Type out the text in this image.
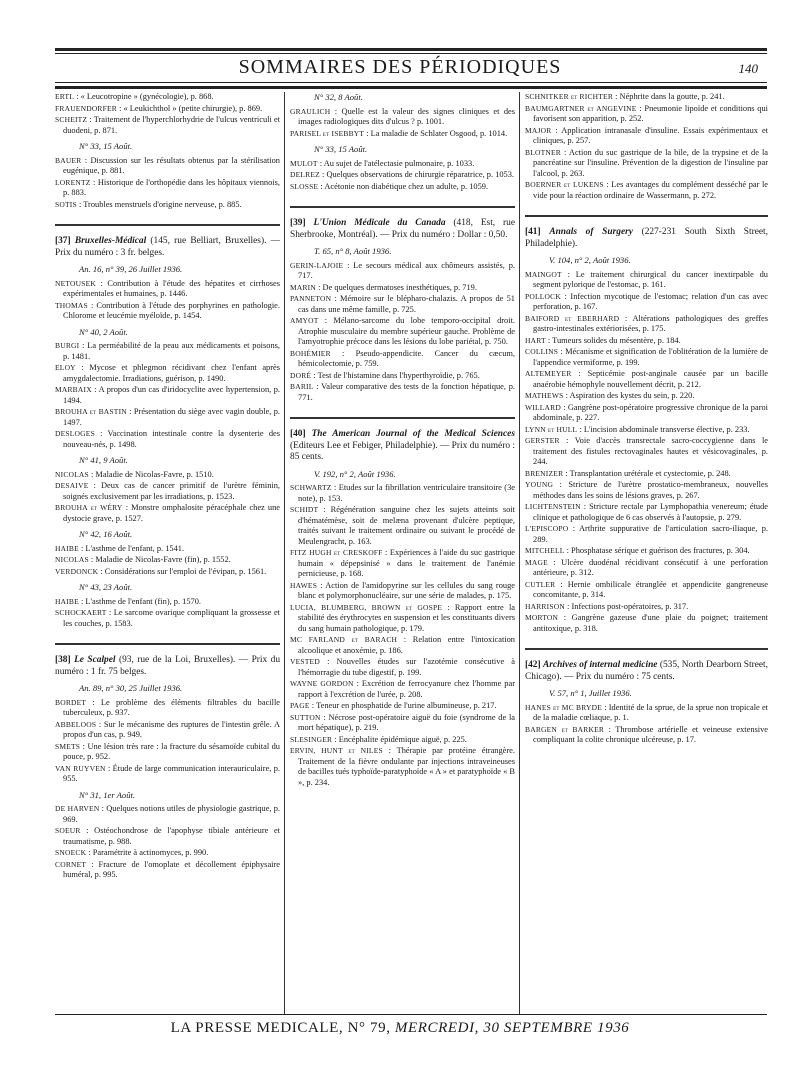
SOMMAIRES DES PÉRIODIQUES	140
ERTL : « Leucotropine » (gynécologie), p. 868.
FRAUENDORFER : « Leukichthol » (petite chirurgie), p. 869.
SCHEITZ : Traitement de l'hyperchlorhydrie de l'ulcus ventriculi et duodeni, p. 871.
N° 33, 15 Août.
BAUER : Discussion sur les résultats obtenus par la stérilisation eugénique, p. 881.
LORENTZ : Historique de l'orthopédie dans les hôpitaux viennois, p. 883.
SOTIS : Troubles menstruels d'origine nerveuse, p. 885.
[37] Bruxelles-Médical (145, rue Belliart, Bruxelles). — Prix du numéro : 3 fr. belges.
An. 16, n° 39, 26 Juillet 1936.
NETOUSEK : Contribution à l'étude des hépatites et cirrhoses expérimentales et humaines, p. 1446.
THOMAS : Contribution à l'étude des porphyrines en pathologie. Chlorome et leucémie myéloïde, p. 1454.
N° 40, 2 Août.
BURGI : La perméabilité de la peau aux médicaments et poisons, p. 1481.
ELOY : Mycose et phlegmon récidivant chez l'enfant après amygdalectomie. Irradiations, guérison, p. 1490.
MARBAIX : A propos d'un cas d'iridocyclite avec hypertension, p. 1494.
BROUHA et BASTIN : Présentation du siège avec vagin double, p. 1497.
DESLOGES : Vaccination intestinale contre la dysenterie des nouveau-nés, p. 1498.
N° 41, 9 Août.
NICOLAS : Maladie de Nicolas-Favre, p. 1510.
DESAIVE : Deux cas de cancer primitif de l'urètre féminin, soignés exclusivement par les irradiations, p. 1523.
BROUHA et WÉRY : Monstre omphalosite péracéphale chez une dystocie grave, p. 1527.
N° 42, 16 Août.
HAIBE : L'asthme de l'enfant, p. 1541.
NICOLAS : Maladie de Nicolas-Favre (fin), p. 1552.
VERDONCK : Considérations sur l'emploi de l'évipan, p. 1561.
N° 43, 23 Août.
HAIBE : L'asthme de l'enfant (fin), p. 1570.
SCHOCKAERT : Le sarcome ovarique compliquant la grossesse et les couches, p. 1583.
[38] Le Scalpel (93, rue de la Loi, Bruxelles). — Prix du numéro : 1 fr. 75 belges.
An. 89, n° 30, 25 Juillet 1936.
BORDET : Le problème des éléments filtrables du bacille tuberculeux, p. 937.
ABBELOOS : Sur le mécanisme des ruptures de l'intestin grêle. A propos d'un cas, p. 949.
SMETS : Une lésion très rare : la fracture du sésamoïde cubital du pouce, p. 952.
VAN RUYVEN : Étude de large communication interauriculaire, p. 955.
N° 31, 1er Août.
DE HARVEN : Quelques notions utiles de physiologie gastrique, p. 969.
SOEUR : Ostéochondrose de l'apophyse tibiale antérieure et traumatisme, p. 988.
SNOECK : Paramétrite à actinomyces, p. 990.
CORNET : Fracture de l'omoplate et décollement épiphysaire huméral, p. 995.
N° 32, 8 Août.
GRAULICH : Quelle est la valeur des signes cliniques et des images radiologiques dits d'ulcus ? p. 1001.
PARISEL et ISEBBYT : La maladie de Schlater Osgood, p. 1014.
N° 33, 15 Août.
MULOT : Au sujet de l'atélectasie pulmonaire, p. 1033.
DELREZ : Quelques observations de chirurgie réparatrice, p. 1053.
SLOSSE : Acétonie non diabétique chez un adulte, p. 1059.
[39] L'Union Médicale du Canada (418, Est, rue Sherbrooke, Montréal). — Prix du numéro : Dollar : 0,50.
T. 65, n° 8, Août 1936.
GERIN-LAJOIE : Le secours médical aux chômeurs assistés, p. 717.
MARIN : De quelques dermatoses inesthétiques, p. 719.
PANNETON : Mémoire sur le blépharo-chalazis. A propos de 51 cas dans une même famille, p. 725.
AMYOT : Mélano-sarcome du lobe temporo-occipital droit. Atrophie musculaire du membre supérieur gauche. Problème de l'amyotrophie précoce dans les lésions du lobe pariétal, p. 750.
BOHÉMIER : Pseudo-appendicite. Cancer du cæcum, hémicolectomie, p. 759.
DORÉ : Test de l'histamine dans l'hyperthyroïdie, p. 765.
BARIL : Valeur comparative des tests de la fonction hépatique, p. 771.
[40] The American Journal of the Medical Sciences (Editeurs Lee et Febiger, Philadelphie). — Prix du numéro : 85 cents.
V. 192, n° 2, Août 1936.
SCHWARTZ : Etudes sur la fibrillation ventriculaire transitoire (3e note), p. 153.
SCHIDT : Régénération sanguine chez les sujets atteints soit d'hématémèse, soit de melæna provenant d'ulcère peptique, traités suivant le traitement ordinaire ou suivant le procédé de Meulengracht, p. 163.
FITZ HUGH et CRESKOFF : Expériences à l'aide du suc gastrique humain « dépepsinisé » dans le traitement de l'anémie pernicieuse, p. 168.
HAWES : Action de l'amidopyrine sur les cellules du sang rouge blanc et polymorphonucléaire, sur une série de malades, p. 175.
LUCIA, BLUMBERG, BROWN et GOSPE : Rapport entre la stabilité des érythrocytes en suspension et les constituants divers du sang humain pathologique, p. 179.
MC FARLAND et BARACH : Relation entre l'intoxication alcoolique et anoxémie, p. 186.
VESTED : Nouvelles études sur l'azotémie consécutive à l'hémorragie du tube digestif, p. 199.
WAYNE GORDON : Excrétion de ferrocyanure chez l'homme par rapport à l'excrétion de l'urée, p. 208.
PAGE : Teneur en phosphatide de l'urine albumineuse, p. 217.
SUTTON : Nécrose post-opératoire aiguë du foie (syndrome de la mort hépatique), p. 219.
SLESINGER : Encéphalite épidémique aiguë, p. 225.
ERVIN, HUNT et NILES : Thérapie par protéine étrangère. Traitement de la fièvre ondulante par injections intraveineuses de bacilles tués typhoïde-paratyphoïde « A » et paratyphoïde « B », p. 234.
SCHNITKER et RICHTER : Néphrite dans la goutte, p. 241.
BAUMGARTNER et ANGEVINE : Pneumonie lipoïde et conditions qui favorisent son apparition, p. 252.
MAJOR : Application intranasale d'insuline. Essais expérimentaux et cliniques, p. 257.
BLOTNER : Action du suc gastrique de la bile, de la trypsine et de la pancréatine sur l'insuline. Prévention de la digestion de l'insuline par l'alcool, p. 263.
BOERNER et LUKENS : Les avantages du complément desséché par le vide pour la réaction ordinaire de Wassermann, p. 272.
[41] Annals of Surgery (227-231 South Sixth Street, Philadelphie).
V. 104, n° 2, Août 1936.
MAINGOT : Le traitement chirurgical du cancer inextirpable du segment pylorique de l'estomac, p. 161.
POLLOCK : Infection mycotique de l'estomac; relation d'un cas avec perforation, p. 167.
BAIFORD et EBERHARD : Altérations pathologiques des greffes gastro-intestinales extériorisées, p. 175.
HART : Tumeurs solides du mésentère, p. 184.
COLLINS : Mécanisme et signification de l'oblitération de la lumière de l'appendice vermiforme, p. 199.
ALTEMEYER : Septicémie post-anginale causée par un bacille anaérobie hémophyle nouvellement décrit, p. 212.
MATHEWS : Aspiration des kystes du sein, p. 220.
WILLARD : Gangrène post-opératoire progressive chronique de la paroi abdominale, p. 227.
LYNN et HULL : L'incision abdominale transverse élective, p. 233.
GERSTER : Voie d'accès transrectale sacro-coccygienne dans le traitement des fistules rectovaginales hautes et vésicovaginales, p. 244.
BRENIZER : Transplantation urétérale et cystectomie, p. 248.
YOUNG : Stricture de l'urètre prostatico-membraneux, nouvelles méthodes dans les soins de lésions graves, p. 267.
LICHTENSTEIN : Stricture rectale par Lymphopathia venereum; étude clinique et pathologique de 6 cas observés à l'autopsie, p. 279.
L'EPISCOPO : Arthrite suppurative de l'articulation sacro-iliaque, p. 289.
MITCHELL : Phosphatase sérique et guérison des fractures, p. 304.
MAGE : Ulcère duodénal récidivant consécutif à une perforation antérieure, p. 312.
CUTLER : Hernie ombilicale étranglée et appendicite gangreneuse concomitante, p. 314.
HARRISON : Infections post-opératoires, p. 317.
MORTON : Gangrène gazeuse d'une plaie du poignet; traitement antitoxique, p. 318.
[42] Archives of internal medicine (535, North Dearborn Street, Chicago). — Prix du numéro : 75 cents.
V. 57, n° 1, Juillet 1936.
HANES et MC BRYDE : Identité de la sprue, de la sprue non tropicale et de la maladie cœliaque, p. 1.
BARGEN et BARKER : Thrombose artérielle et veineuse extensive compliquant la colite chronique ulcéreuse, p. 17.
LA PRESSE MEDICALE, N° 79, MERCREDI, 30 SEPTEMBRE 1936
